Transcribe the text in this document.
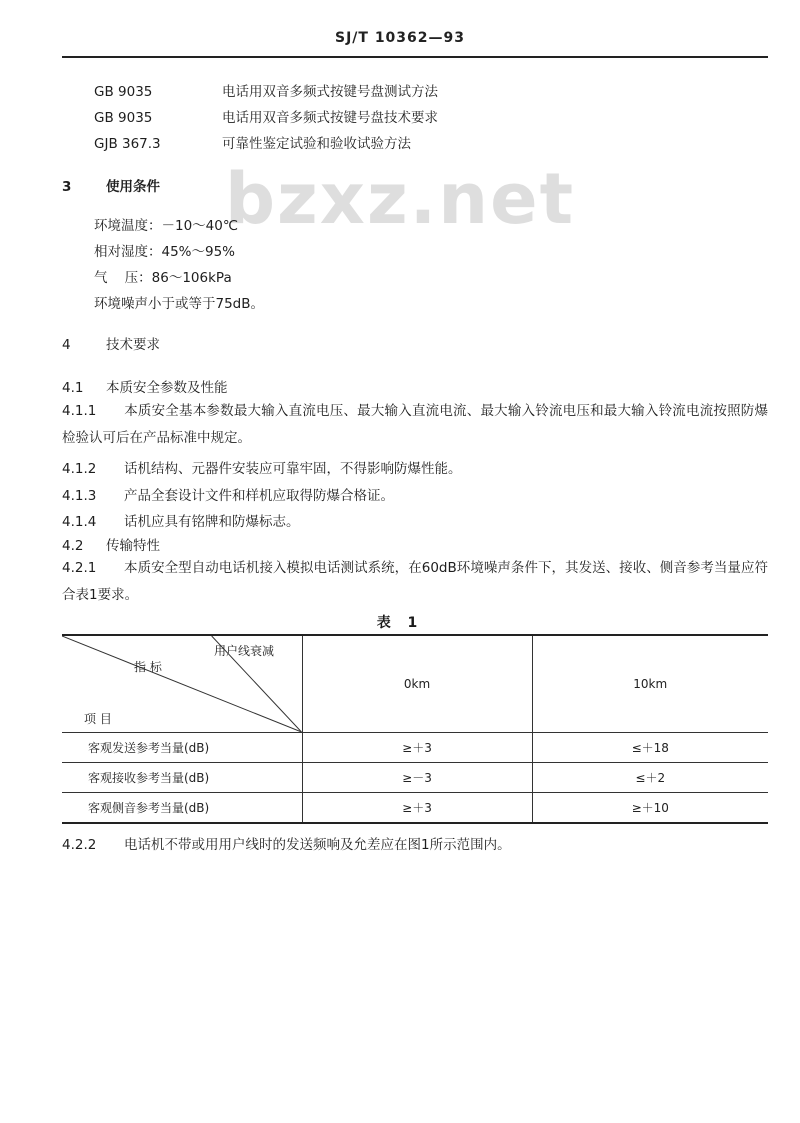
SJ/T 10362—93
bzxz.net
GB 9035	电话用双音多频式按键号盘测试方法
GB 9035	电话用双音多频式按键号盘技术要求
GJB 367.3	可靠性鉴定试验和验收试验方法
3	使用条件
环境温度：－10～40℃
相对湿度：45%～95%
气    压：86～106kPa
环境噪声小于或等于75dB。
4	技术要求
4.1 本质安全参数及性能
4.1.1 本质安全基本参数最大输入直流电压、最大输入直流电流、最大输入铃流电压和最大输入铃流电流按照防爆检验认可后在产品标准中规定。
4.1.2 话机结构、元器件安装应可靠牢固，不得影响防爆性能。
4.1.3 产品全套设计文件和样机应取得防爆合格证。
4.1.4 话机应具有铭牌和防爆标志。
4.2 传输特性
4.2.1 本质安全型自动电话机接入模拟电话测试系统，在60dB环境噪声条件下，其发送、接收、侧音参考当量应符合表1要求。
表 1
用户线衰减
指 标
项 目	0km	10km
客观发送参考当量(dB)	≥＋3	≤＋18
客观接收参考当量(dB)	≥－3	≤＋2
客观侧音参考当量(dB)	≥＋3	≥＋10
4.2.2 电话机不带或用用户线时的发送频响及允差应在图1所示范围内。
